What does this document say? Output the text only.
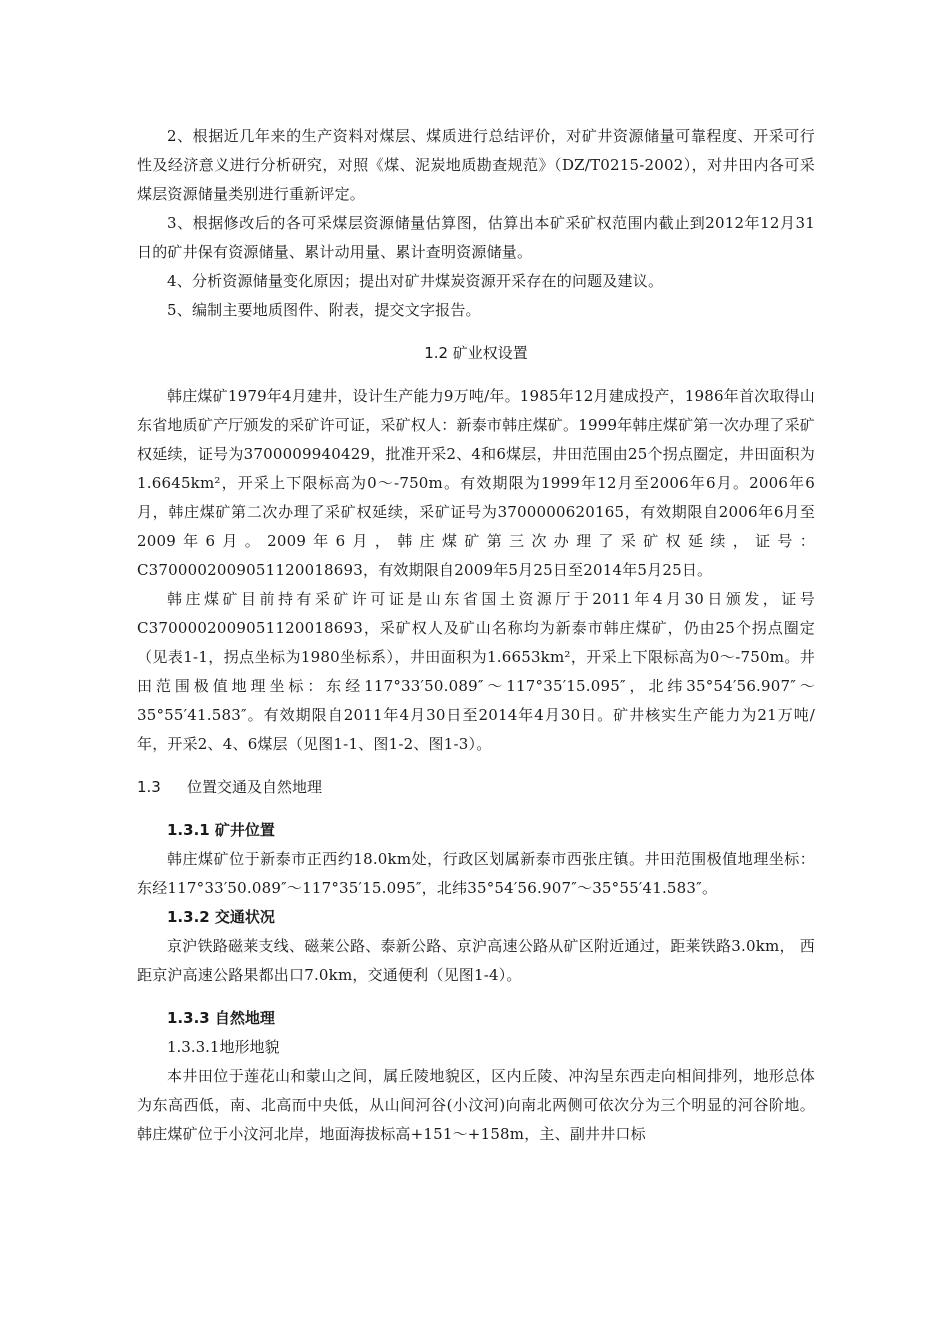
2、根据近几年来的生产资料对煤层、煤质进行总结评价，对矿井资源储量可靠程度、开采可行性及经济意义进行分析研究，对照《煤、泥炭地质勘查规范》（DZ/T0215-2002），对井田内各可采煤层资源储量类别进行重新评定。

3、根据修改后的各可采煤层资源储量估算图，估算出本矿采矿权范围内截止到2012年12月31日的矿井保有资源储量、累计动用量、累计查明资源储量。

4、分析资源储量变化原因；提出对矿井煤炭资源开采存在的问题及建议。

5、编制主要地质图件、附表，提交文字报告。

1.2 矿业权设置

韩庄煤矿1979年4月建井，设计生产能力9万吨/年。1985年12月建成投产，1986年首次取得山东省地质矿产厅颁发的采矿许可证，采矿权人：新泰市韩庄煤矿。1999年韩庄煤矿第一次办理了采矿权延续，证号为3700009940429，批准开采2、4和6煤层，井田范围由25个拐点圈定，井田面积为1.6645km²，开采上下限标高为0～-750m。有效期限为1999年12月至2006年6月。2006年6月，韩庄煤矿第二次办理了采矿权延续，采矿证号为3700000620165，有效期限自2006年6月至2009年6月。2009年6月，韩庄煤矿第三次办理了采矿权延续，证号：C3700002009051120018693，有效期限自2009年5月25日至2014年5月25日。

韩庄煤矿目前持有采矿许可证是山东省国土资源厅于2011年4月30日颁发，证号C3700002009051120018693，采矿权人及矿山名称均为新泰市韩庄煤矿，仍由25个拐点圈定（见表1-1，拐点坐标为1980坐标系），井田面积为1.6653km²，开采上下限标高为0～-750m。井田范围极值地理坐标：东经117°33′50.089″～117°35′15.095″，北纬35°54′56.907″～35°55′41.583″。有效期限自2011年4月30日至2014年4月30日。矿井核实生产能力为21万吨/年，开采2、4、6煤层（见图1-1、图1-2、图1-3）。

1.3 位置交通及自然地理

1.3.1 矿井位置

韩庄煤矿位于新泰市正西约18.0km处，行政区划属新泰市西张庄镇。井田范围极值地理坐标：东经117°33′50.089″～117°35′15.095″，北纬35°54′56.907″～35°55′41.583″。

1.3.2 交通状况

京沪铁路磁莱支线、磁莱公路、泰新公路、京沪高速公路从矿区附近通过，距莱铁路3.0km， 西距京沪高速公路果都出口7.0km，交通便利（见图1-4）。

1.3.3 自然地理

1.3.3.1地形地貌

本井田位于莲花山和蒙山之间，属丘陵地貌区，区内丘陵、冲沟呈东西走向相间排列，地形总体为东高西低，南、北高而中央低，从山间河谷(小汶河)向南北两侧可依次分为三个明显的河谷阶地。韩庄煤矿位于小汶河北岸，地面海拔标高+151～+158m，主、副井井口标
